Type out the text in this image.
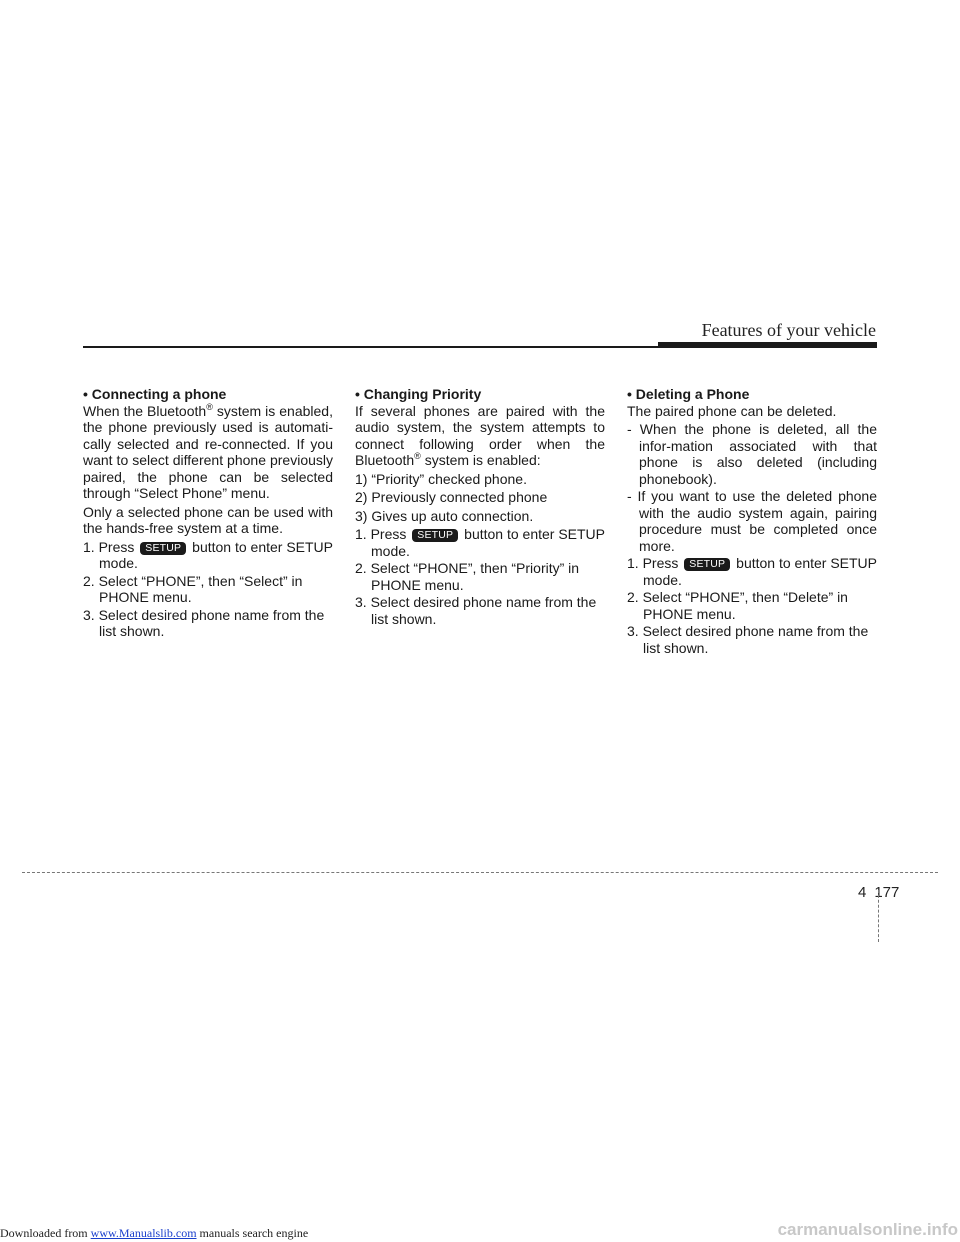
Features of your vehicle

• Connecting a phone

When the Bluetooth® system is enabled, the phone previously used is automati-cally selected and re-connected. If you want to select different phone previously paired, the phone can be selected through “Select Phone” menu.

Only a selected phone can be used with the hands-free system at a time.

1. Press SETUP button to enter SETUP mode.

2. Select “PHONE”, then “Select” in PHONE menu.

3. Select desired phone name from the list shown.

• Changing Priority

If several phones are paired with the audio system, the system attempts to connect following order when the Bluetooth® system is enabled:

1) “Priority” checked phone.

2) Previously connected phone

3) Gives up auto connection.

1. Press SETUP button to enter SETUP mode.

2. Select “PHONE”, then “Priority” in PHONE menu.

3. Select desired phone name from the list shown.

• Deleting a Phone

The paired phone can be deleted.

- When the phone is deleted, all the infor-mation associated with that phone is also deleted (including phonebook).

- If you want to use the deleted phone with the audio system again, pairing procedure must be completed once more.

1. Press SETUP button to enter SETUP mode.

2. Select “PHONE”, then “Delete” in PHONE menu.

3. Select desired phone name from the list shown.

4 177
Downloaded from www.Manualslib.com manuals search engine	carmanualsonline.info
